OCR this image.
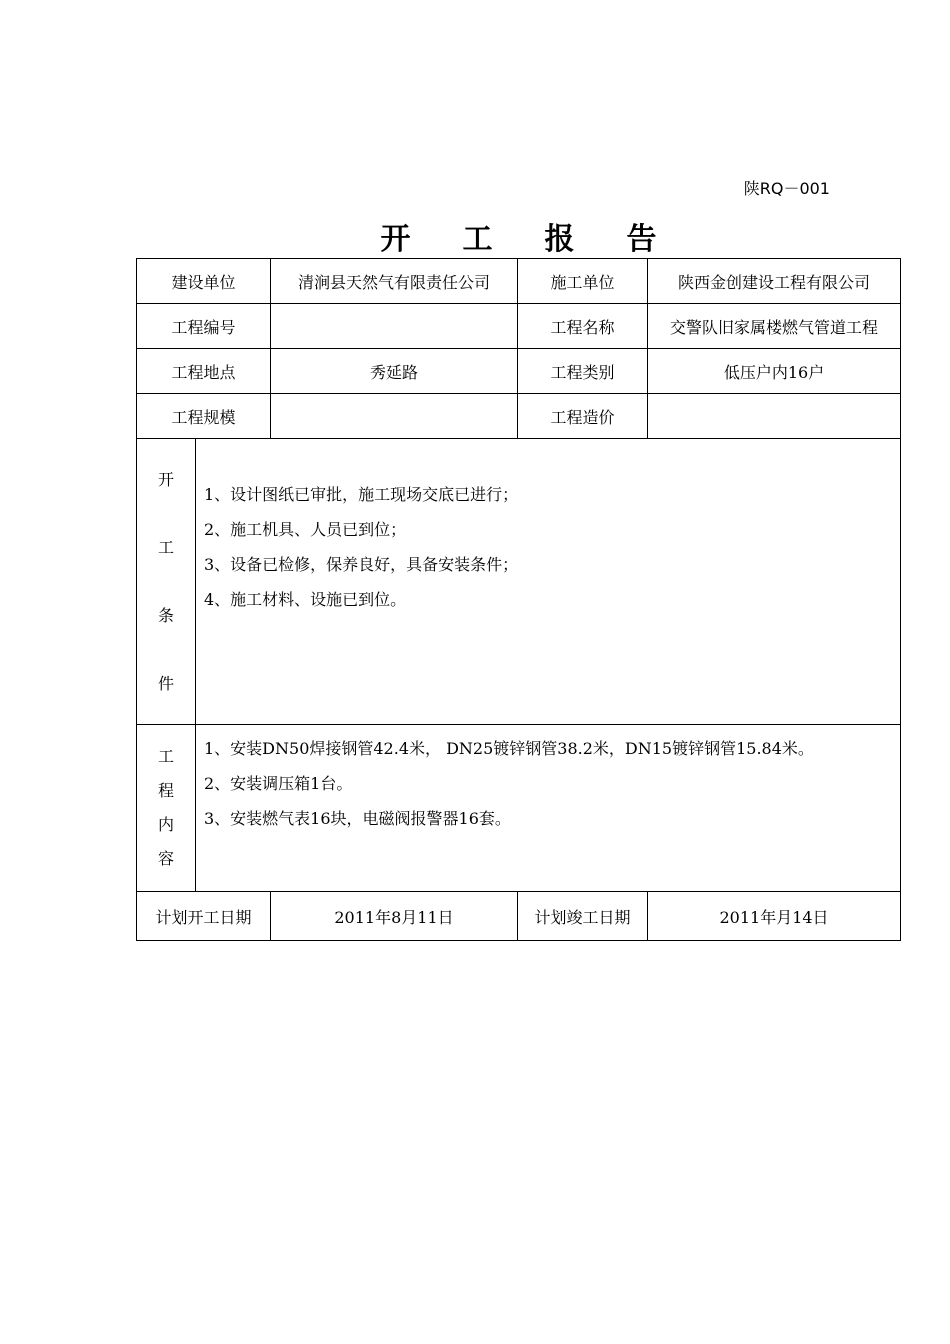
陕RQ－001
开工报告
建设单位		清涧县天然气有限责任公司	施工单位	陕西金创建设工程有限公司
工程编号			工程名称	交警队旧家属楼燃气管道工程
工程地点		秀延路	工程类别	低压户内16户
工程规模			工程造价	

开
工
条
件	1、设计图纸已审批，施工现场交底已进行；
2、施工机具、人员已到位；
3、设备已检修，保养良好，具备安装条件；
4、施工材料、设施已到位。			

工
程
内
容	1、安装DN50焊接钢管42.4米， DN25镀锌钢管38.2米，DN15镀锌钢管15.84米。
2、安装调压箱1台。
3、安装燃气表16块，电磁阀报警器16套。			

计划开工日期		2011年8月11日	计划竣工日期	2011年月14日
